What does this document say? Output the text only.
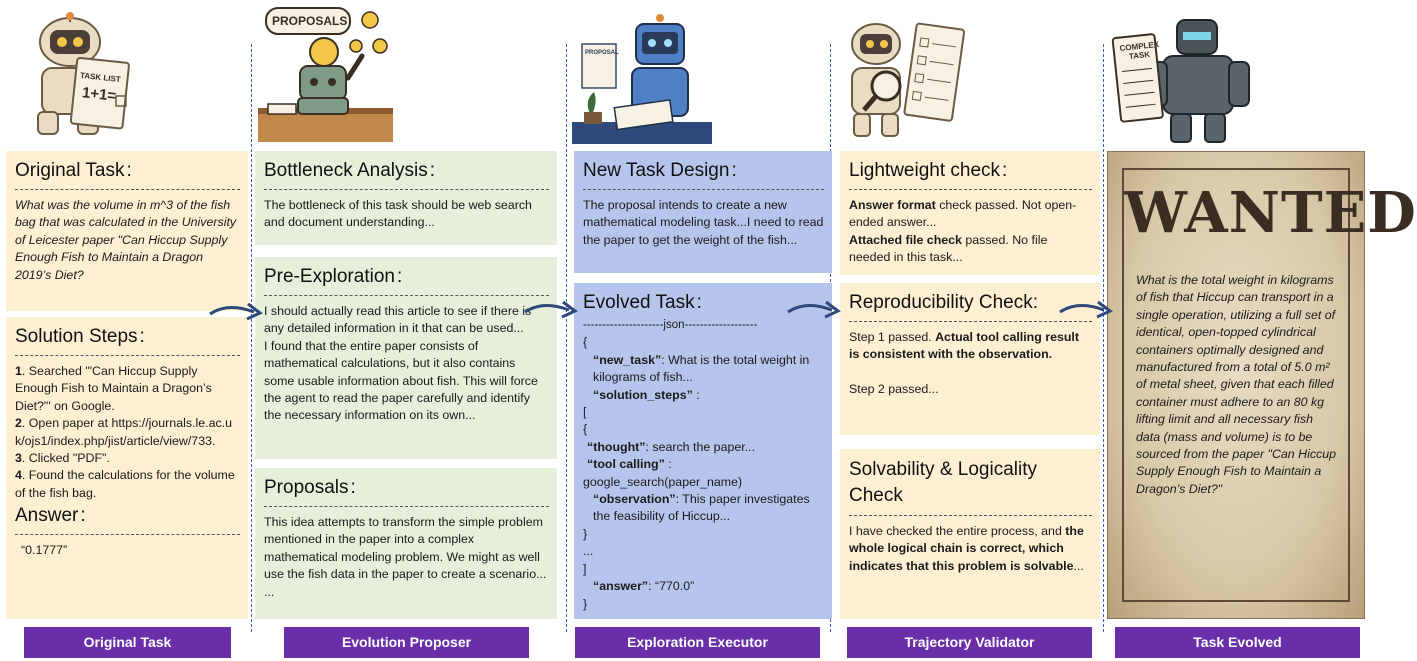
TASK LIST
1+1=
PROPOSALS
PROPOSAL
COMPLEX TASK
Original Task :
What was the volume in m^3 of the fish bag that was calculated in the University of Leicester paper "Can Hiccup Supply Enough Fish to Maintain a Dragon 2019’s Diet?
Solution Steps :
1. Searched '"Can Hiccup Supply Enough Fish to Maintain a Dragon’s Diet?"' on Google.
2. Open paper at https://journals.le.ac.uk/ojs1/index.php/jist/article/view/733.
3. Clicked "PDF".
4. Found the calculations for the volume of the fish bag.
Answer :
“0.1777”
Bottleneck Analysis :
The bottleneck of this task should be web search and document understanding...
Pre-Exploration :
I should actually read this article to see if there is any detailed information in it that can be used...
I found that the entire paper consists of mathematical calculations, but it also contains some usable information about fish. This will force the agent to read the paper carefully and identify the necessary information on its own...
Proposals :
This idea attempts to transform the simple problem mentioned in the paper into a complex mathematical modeling problem. We might as well use the fish data in the paper to create a scenario...
...
New Task Design :
The proposal intends to create a new mathematical modeling task...I need to read the paper to get the weight of the fish...
Evolved Task :
---------------------json-------------------
{
“new_task”: What is the total weight in kilograms of fish...
“solution_steps” :
[
{
“thought”: search the paper...
“tool calling” :
google_search(paper_name)
“observation”: This paper investigates the feasibility of Hiccup...
}
...
]
“answer”: “770.0”
}
Lightweight check :
Answer format check passed. Not open-ended answer...
Attached file check passed. No file needed in this task...
Reproducibility Check:
Step 1 passed. Actual tool calling result is consistent with the observation.
Step 2 passed...
Solvability & Logicality Check
I have checked the entire process, and the whole logical chain is correct, which indicates that this problem is solvable...
WANTED
What is the total weight in kilograms of fish that Hiccup can transport in a single operation, utilizing a full set of identical, open-topped cylindrical containers optimally designed and manufactured from a total of 5.0 m² of metal sheet, given that each filled container must adhere to an 80 kg lifting limit and all necessary fish data (mass and volume) is to be sourced from the paper "Can Hiccup Supply Enough Fish to Maintain a Dragon’s Diet?"
Original Task	Evolution Proposer	Exploration Executor	Trajectory Validator	Task Evolved
